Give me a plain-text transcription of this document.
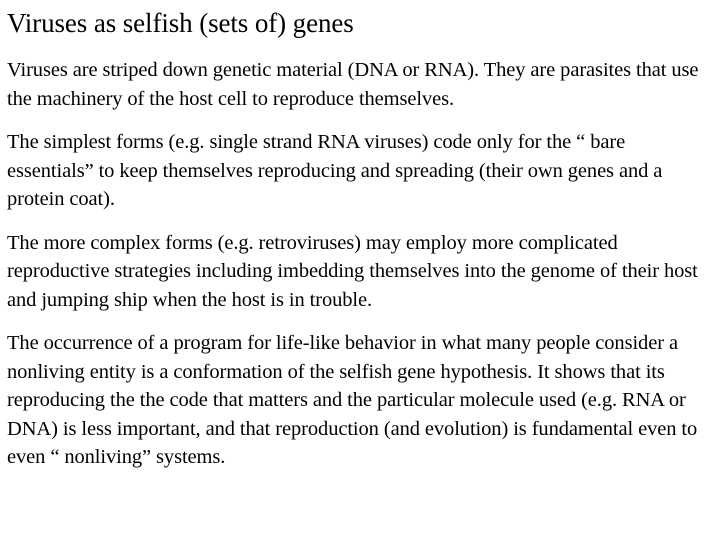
Viruses as selfish (sets of) genes

Viruses are striped down genetic material (DNA or RNA). They are parasites that use the machinery of the host cell to reproduce themselves.

The simplest forms (e.g. single strand RNA viruses) code only for the “ bare essentials” to keep themselves reproducing and spreading (their own genes and a protein coat).

The more complex forms (e.g. retroviruses) may employ more complicated reproductive strategies including imbedding themselves into the genome of their host and jumping ship when the host is in trouble.

The occurrence of a program for life-like behavior in what many people consider a nonliving entity is a conformation of the selfish gene hypothesis. It shows that its reproducing the the code that matters and the particular molecule used (e.g. RNA or DNA) is less important, and that reproduction (and evolution) is fundamental even to even “ nonliving” systems.
